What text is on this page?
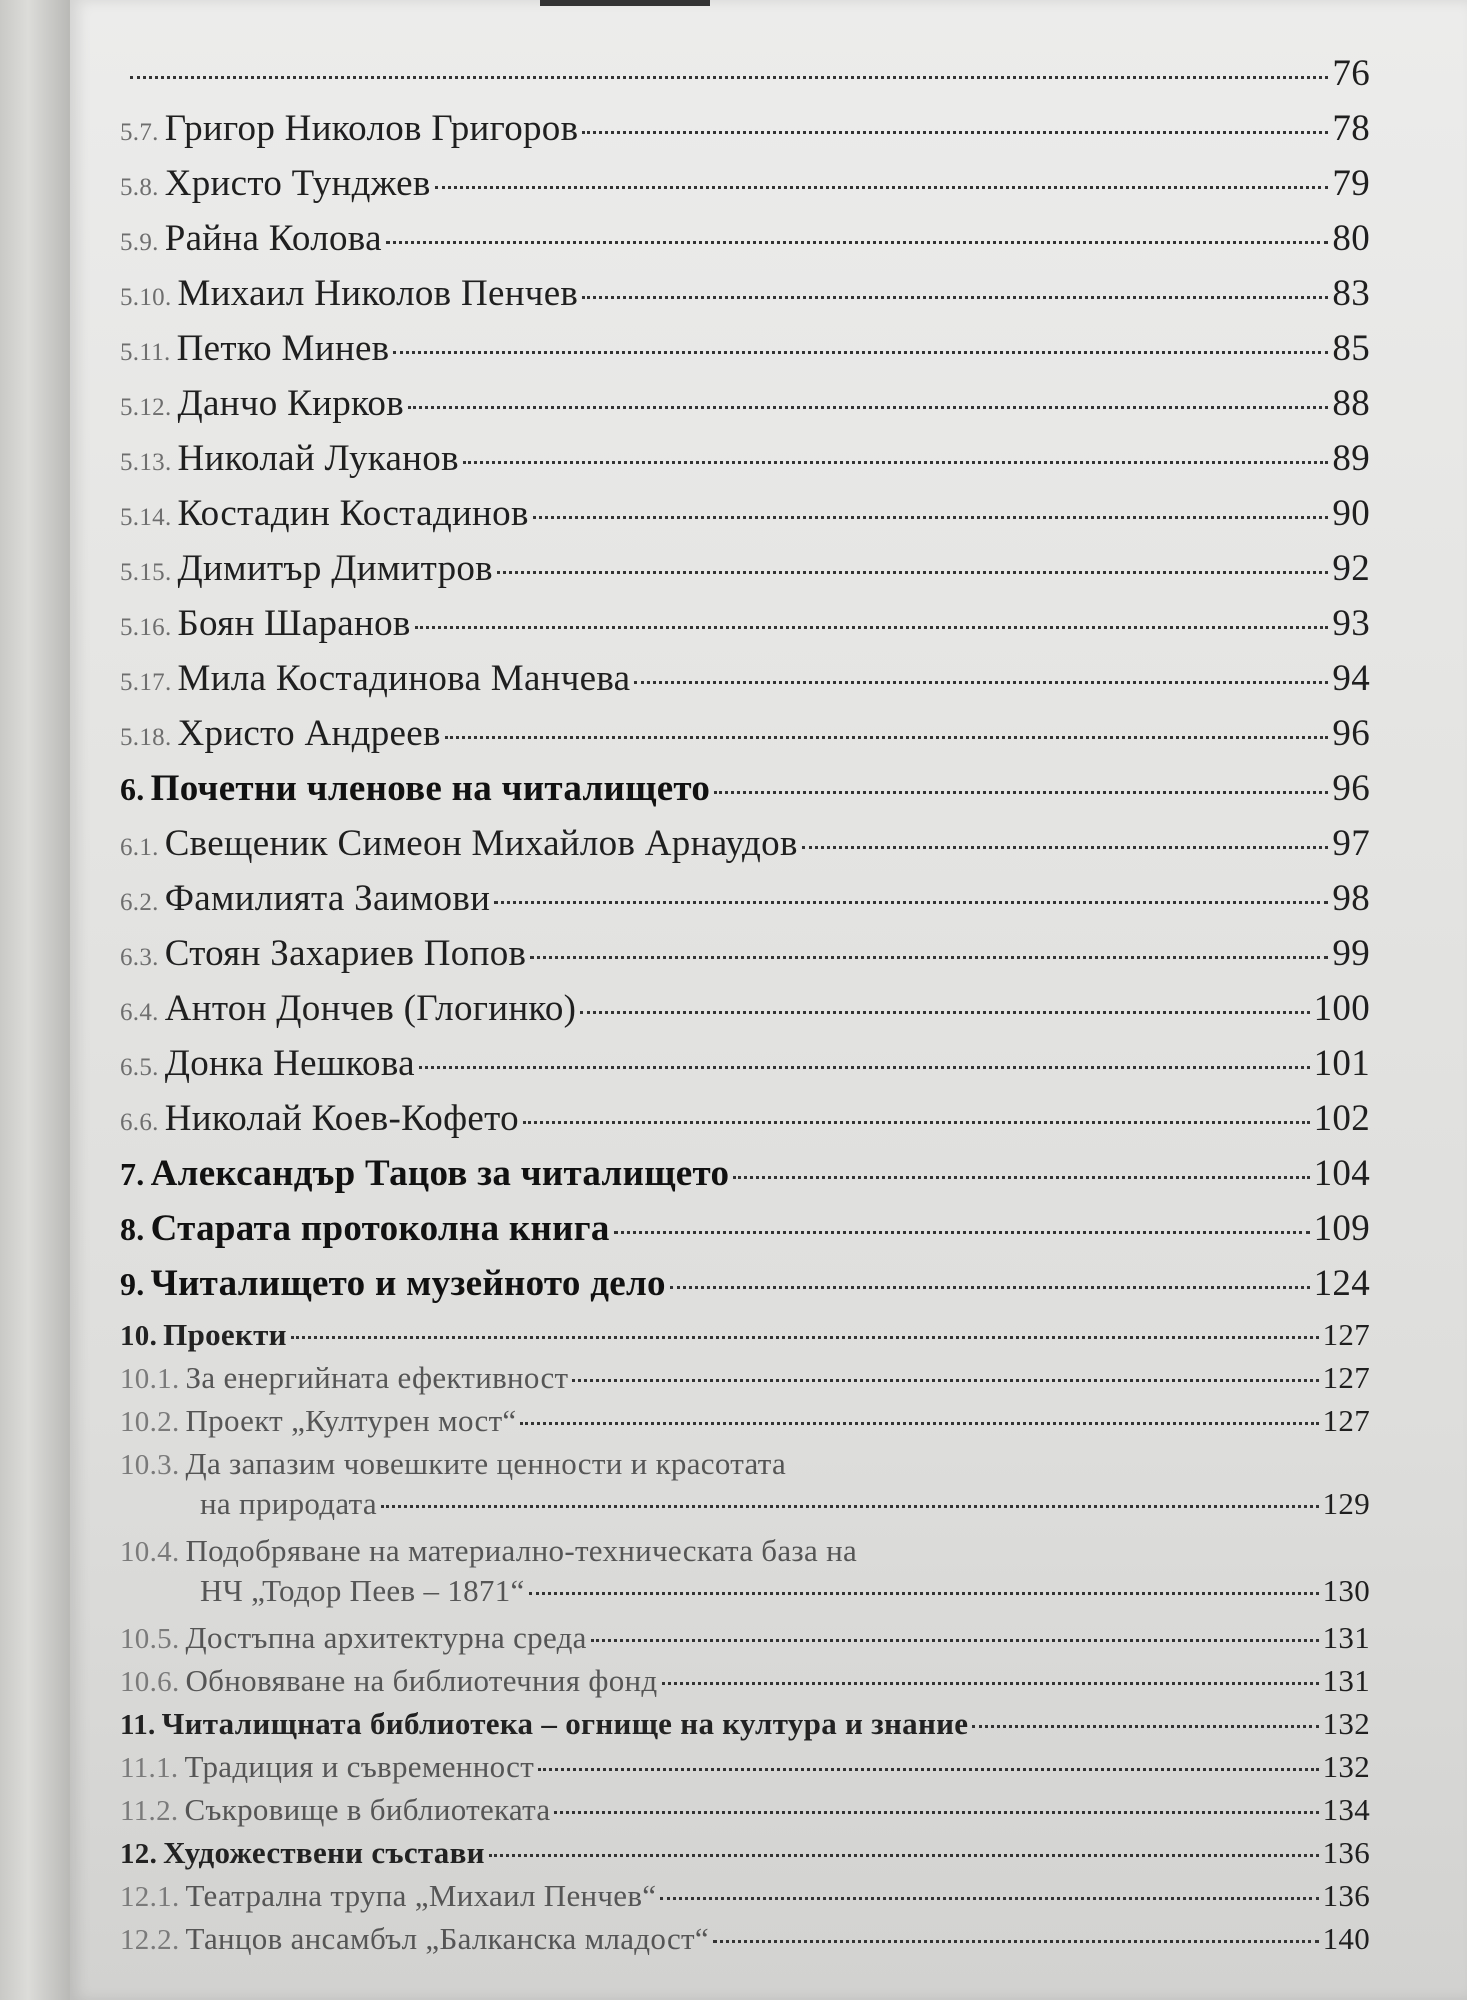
76
5.7. Григор Николов Григоров	78
5.8. Христо Тунджев	79
5.9. Райна Колова	80
5.10. Михаил Николов Пенчев	83
5.11. Петко Минев	85
5.12. Данчо Кирков	88
5.13. Николай Луканов	89
5.14. Костадин Костадинов	90
5.15. Димитър Димитров	92
5.16. Боян Шаранов	93
5.17. Мила Костадинова Манчева	94
5.18. Христо Андреев	96
6. Почетни членове на читалището	96
6.1. Свещеник Симеон Михайлов Арнаудов	97
6.2. Фамилията Заимови	98
6.3. Стоян Захариев Попов	99
6.4. Антон Дончев (Глогинко)	100
6.5. Донка Нешкова	101
6.6. Николай Коев-Кофето	102
7. Александър Тацов за читалището	104
8. Старата протоколна книга	109
9. Читалището и музейното дело	124
10. Проекти	127
10.1. За енергийната ефективност	127
10.2. Проект „Културен мост“	127
10.3. Да запазим човешките ценности и красотата
на природата	129
10.4. Подобряване на материално-техническата база на
НЧ „Тодор Пеев – 1871“	130
10.5. Достъпна архитектурна среда	131
10.6. Обновяване на библиотечния фонд	131
11. Читалищната библиотека – огнище на култура и знание	132
11.1. Традиция и съвременност	132
11.2. Съкровище в библиотеката	134
12. Художествени състави	136
12.1. Театрална трупа „Михаил Пенчев“	136
12.2. Танцов ансамбъл „Балканска младост“	140
